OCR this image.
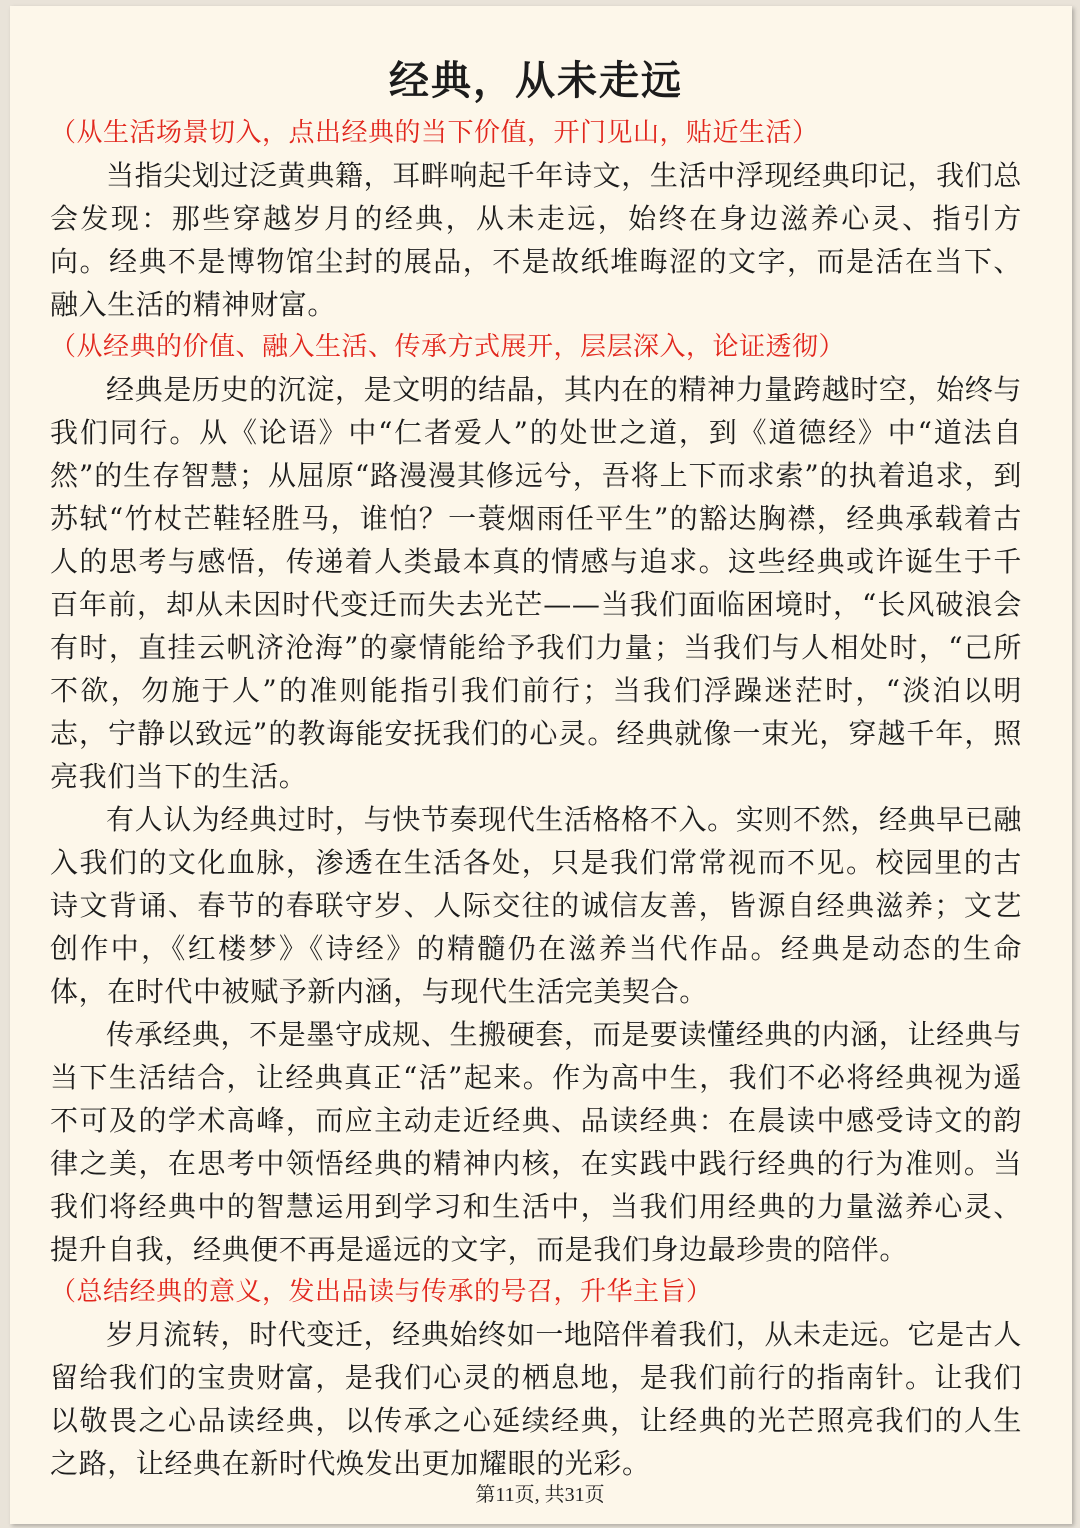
经典，从未走远

（从生活场景切入，点出经典的当下价值，开门见山，贴近生活）

当指尖划过泛黄典籍，耳畔响起千年诗文，生活中浮现经典印记，我们总会发现：那些穿越岁月的经典，从未走远，始终在身边滋养心灵、指引方向。经典不是博物馆尘封的展品，不是故纸堆晦涩的文字，而是活在当下、融入生活的精神财富。

（从经典的价值、融入生活、传承方式展开，层层深入，论证透彻）

经典是历史的沉淀，是文明的结晶，其内在的精神力量跨越时空，始终与我们同行。从《论语》中“仁者爱人”的处世之道，到《道德经》中“道法自然”的生存智慧；从屈原“路漫漫其修远兮，吾将上下而求索”的执着追求，到苏轼“竹杖芒鞋轻胜马，谁怕？一蓑烟雨任平生”的豁达胸襟，经典承载着古人的思考与感悟，传递着人类最本真的情感与追求。这些经典或许诞生于千百年前，却从未因时代变迁而失去光芒——当我们面临困境时，“长风破浪会有时，直挂云帆济沧海”的豪情能给予我们力量；当我们与人相处时，“己所不欲，勿施于人”的准则能指引我们前行；当我们浮躁迷茫时，“淡泊以明志，宁静以致远”的教诲能安抚我们的心灵。经典就像一束光，穿越千年，照亮我们当下的生活。

有人认为经典过时，与快节奏现代生活格格不入。实则不然，经典早已融入我们的文化血脉，渗透在生活各处，只是我们常常视而不见。校园里的古诗文背诵、春节的春联守岁、人际交往的诚信友善，皆源自经典滋养；文艺创作中，《红楼梦》《诗经》的精髓仍在滋养当代作品。经典是动态的生命体，在时代中被赋予新内涵，与现代生活完美契合。

传承经典，不是墨守成规、生搬硬套，而是要读懂经典的内涵，让经典与当下生活结合，让经典真正“活”起来。作为高中生，我们不必将经典视为遥不可及的学术高峰，而应主动走近经典、品读经典：在晨读中感受诗文的韵律之美，在思考中领悟经典的精神内核，在实践中践行经典的行为准则。当我们将经典中的智慧运用到学习和生活中，当我们用经典的力量滋养心灵、提升自我，经典便不再是遥远的文字，而是我们身边最珍贵的陪伴。

（总结经典的意义，发出品读与传承的号召，升华主旨）

岁月流转，时代变迁，经典始终如一地陪伴着我们，从未走远。它是古人留给我们的宝贵财富，是我们心灵的栖息地，是我们前行的指南针。让我们以敬畏之心品读经典，以传承之心延续经典，让经典的光芒照亮我们的人生之路，让经典在新时代焕发出更加耀眼的光彩。

第11页, 共31页
